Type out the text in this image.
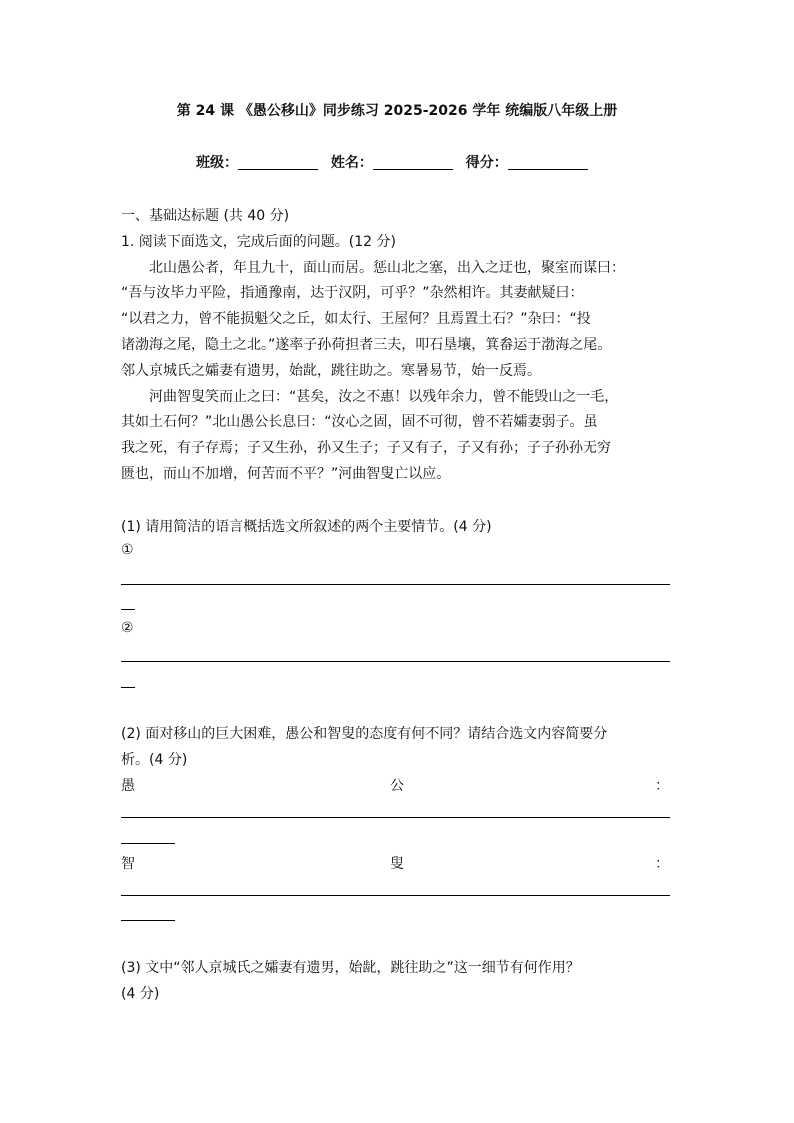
第 24 课 《愚公移山》同步练习 2025-2026 学年 统编版八年级上册
班级：	姓名：	得分：
一、基础达标题 (共 40 分)
1. 阅读下面选文，完成后面的问题。(12 分)
北山愚公者，年且九十，面山而居。惩山北之塞，出入之迂也，聚室而谋曰：
“吾与汝毕力平险，指通豫南，达于汉阴，可乎？”杂然相许。其妻献疑曰：
“以君之力，曾不能损魁父之丘，如太行、王屋何？且焉置土石？”杂曰：“投
诸渤海之尾，隐土之北。”遂率子孙荷担者三夫，叩石垦壤，箕畚运于渤海之尾。
邻人京城氏之孀妻有遗男，始龀，跳往助之。寒暑易节，始一反焉。
河曲智叟笑而止之曰：“甚矣，汝之不惠！以残年余力，曾不能毁山之一毛，
其如土石何？”北山愚公长息曰：“汝心之固，固不可彻，曾不若孀妻弱子。虽
我之死，有子存焉；子又生孙，孙又生子；子又有子，子又有孙；子子孙孙无穷
匮也，而山不加增，何苦而不平？”河曲智叟亡以应。
(1) 请用简洁的语言概括选文所叙述的两个主要情节。(4 分)
①
②
(2) 面对移山的巨大困难，愚公和智叟的态度有何不同？请结合选文内容简要分
析。(4 分)
愚	公	：
智	叟	：
(3) 文中“邻人京城氏之孀妻有遗男，始龀，跳往助之”这一细节有何作用？
(4 分)
